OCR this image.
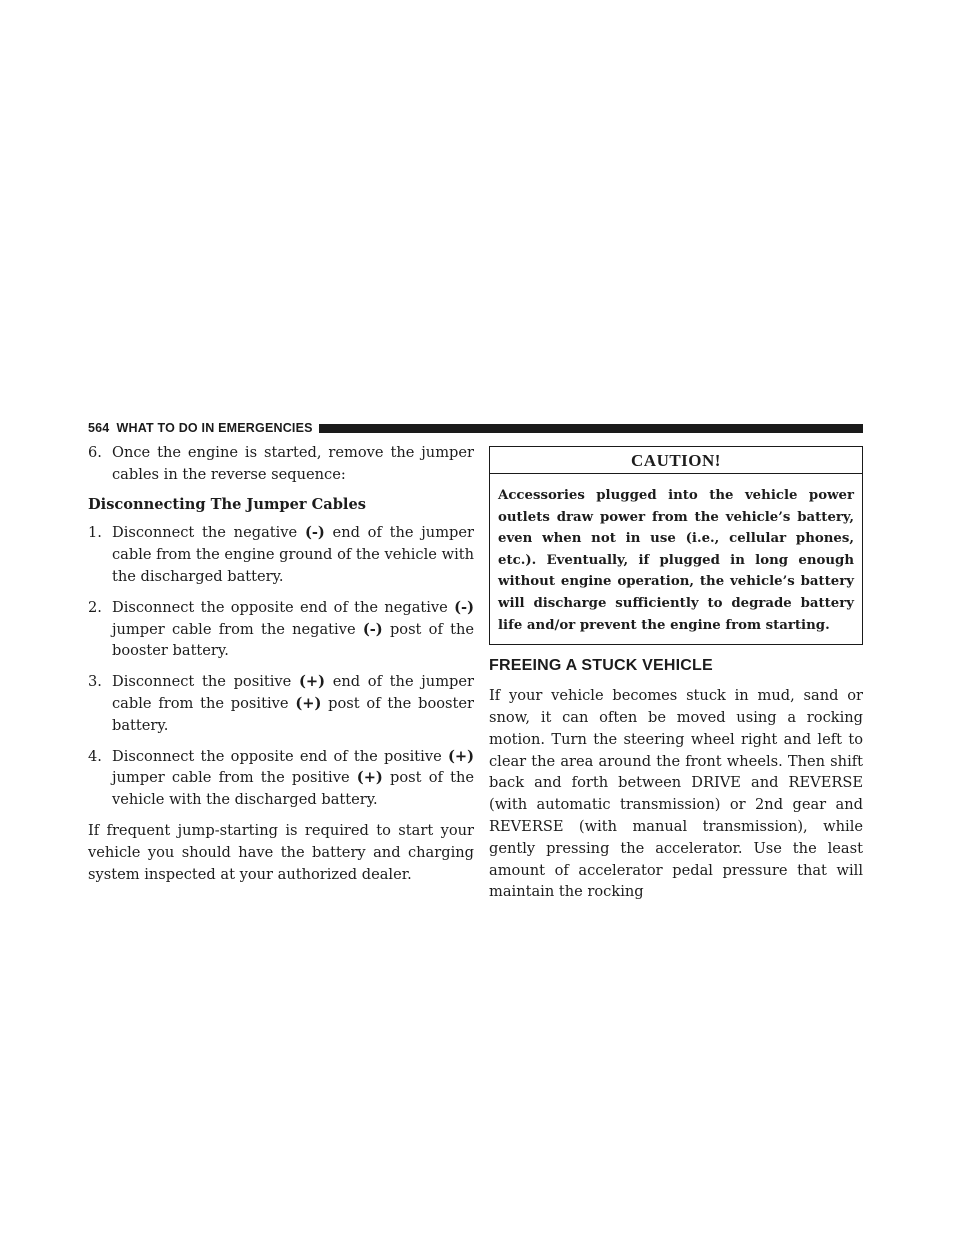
564 WHAT TO DO IN EMERGENCIES
6. Once the engine is started, remove the jumper cables in the reverse sequence:

Disconnecting The Jumper Cables

1. Disconnect the negative (-) end of the jumper cable from the engine ground of the vehicle with the discharged battery.
2. Disconnect the opposite end of the negative (-) jumper cable from the negative (-) post of the booster battery.
3. Disconnect the positive (+) end of the jumper cable from the positive (+) post of the booster battery.
4. Disconnect the opposite end of the positive (+) jumper cable from the positive (+) post of the vehicle with the discharged battery.

If frequent jump-starting is required to start your vehicle you should have the battery and charging system inspected at your authorized dealer.

CAUTION!
Accessories plugged into the vehicle power outlets draw power from the vehicle’s battery, even when not in use (i.e., cellular phones, etc.). Eventually, if plugged in long enough without engine operation, the vehicle’s battery will discharge sufficiently to degrade battery life and/or prevent the engine from starting.

FREEING A STUCK VEHICLE

If your vehicle becomes stuck in mud, sand or snow, it can often be moved using a rocking motion. Turn the steering wheel right and left to clear the area around the front wheels. Then shift back and forth between DRIVE and REVERSE (with automatic transmission) or 2nd gear and REVERSE (with manual transmission), while gently pressing the accelerator. Use the least amount of accelerator pedal pressure that will maintain the rocking
